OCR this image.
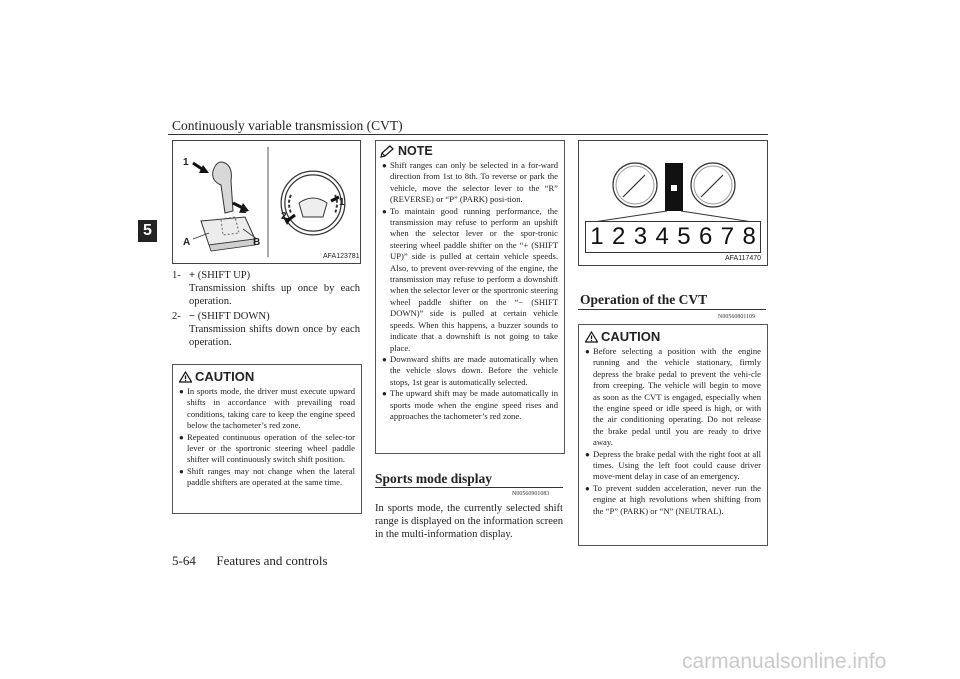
Continuously variable transmission (CVT)
5
1
2
A	B
1
2
AFA123781
1- + (SHIFT UP)
Transmission shifts up once by each operation.
2- − (SHIFT DOWN)
Transmission shifts down once by each operation.
CAUTION
● In sports mode, the driver must execute upward shifts in accordance with prevailing road conditions, taking care to keep the engine speed below the tachometer’s red zone.
● Repeated continuous operation of the selec-tor lever or the sportronic steering wheel paddle shifter will continuously switch shift position.
● Shift ranges may not change when the lateral paddle shifters are operated at the same time.
NOTE
● Shift ranges can only be selected in a for-ward direction from 1st to 8th. To reverse or park the vehicle, move the selector lever to the “R” (REVERSE) or “P” (PARK) posi-tion.
● To maintain good running performance, the transmission may refuse to perform an upshift when the selector lever or the spor-tronic steering wheel paddle shifter on the “+ (SHIFT UP)” side is pulled at certain vehicle speeds. Also, to prevent over-revving of the engine, the transmission may refuse to perform a downshift when the selector lever or the sportronic steering wheel paddle shifter on the “− (SHIFT DOWN)” side is pulled at certain vehicle speeds. When this happens, a buzzer sounds to indicate that a downshift is not going to take place.
● Downward shifts are made automatically when the vehicle slows down. Before the vehicle stops, 1st gear is automatically selected.
● The upward shift may be made automatically in sports mode when the engine speed rises and approaches the tachometer’s red zone.
Sports mode display
N00560901083
In sports mode, the currently selected shift range is displayed on the information screen in the multi-information display.
1 2 3 4 5 6 7 8
AFA117470
Operation of the CVT
N00560801109
CAUTION
● Before selecting a position with the engine running and the vehicle stationary, firmly depress the brake pedal to prevent the vehi-cle from creeping. The vehicle will begin to move as soon as the CVT is engaged, especially when the engine speed or idle speed is high, or with the air conditioning operating. Do not release the brake pedal until you are ready to drive away.
● Depress the brake pedal with the right foot at all times. Using the left foot could cause driver move-ment delay in case of an emergency.
● To prevent sudden acceleration, never run the engine at high revolutions when shifting from the “P” (PARK) or “N” (NEUTRAL).
5-64 Features and controls
carmanualsonline.info
